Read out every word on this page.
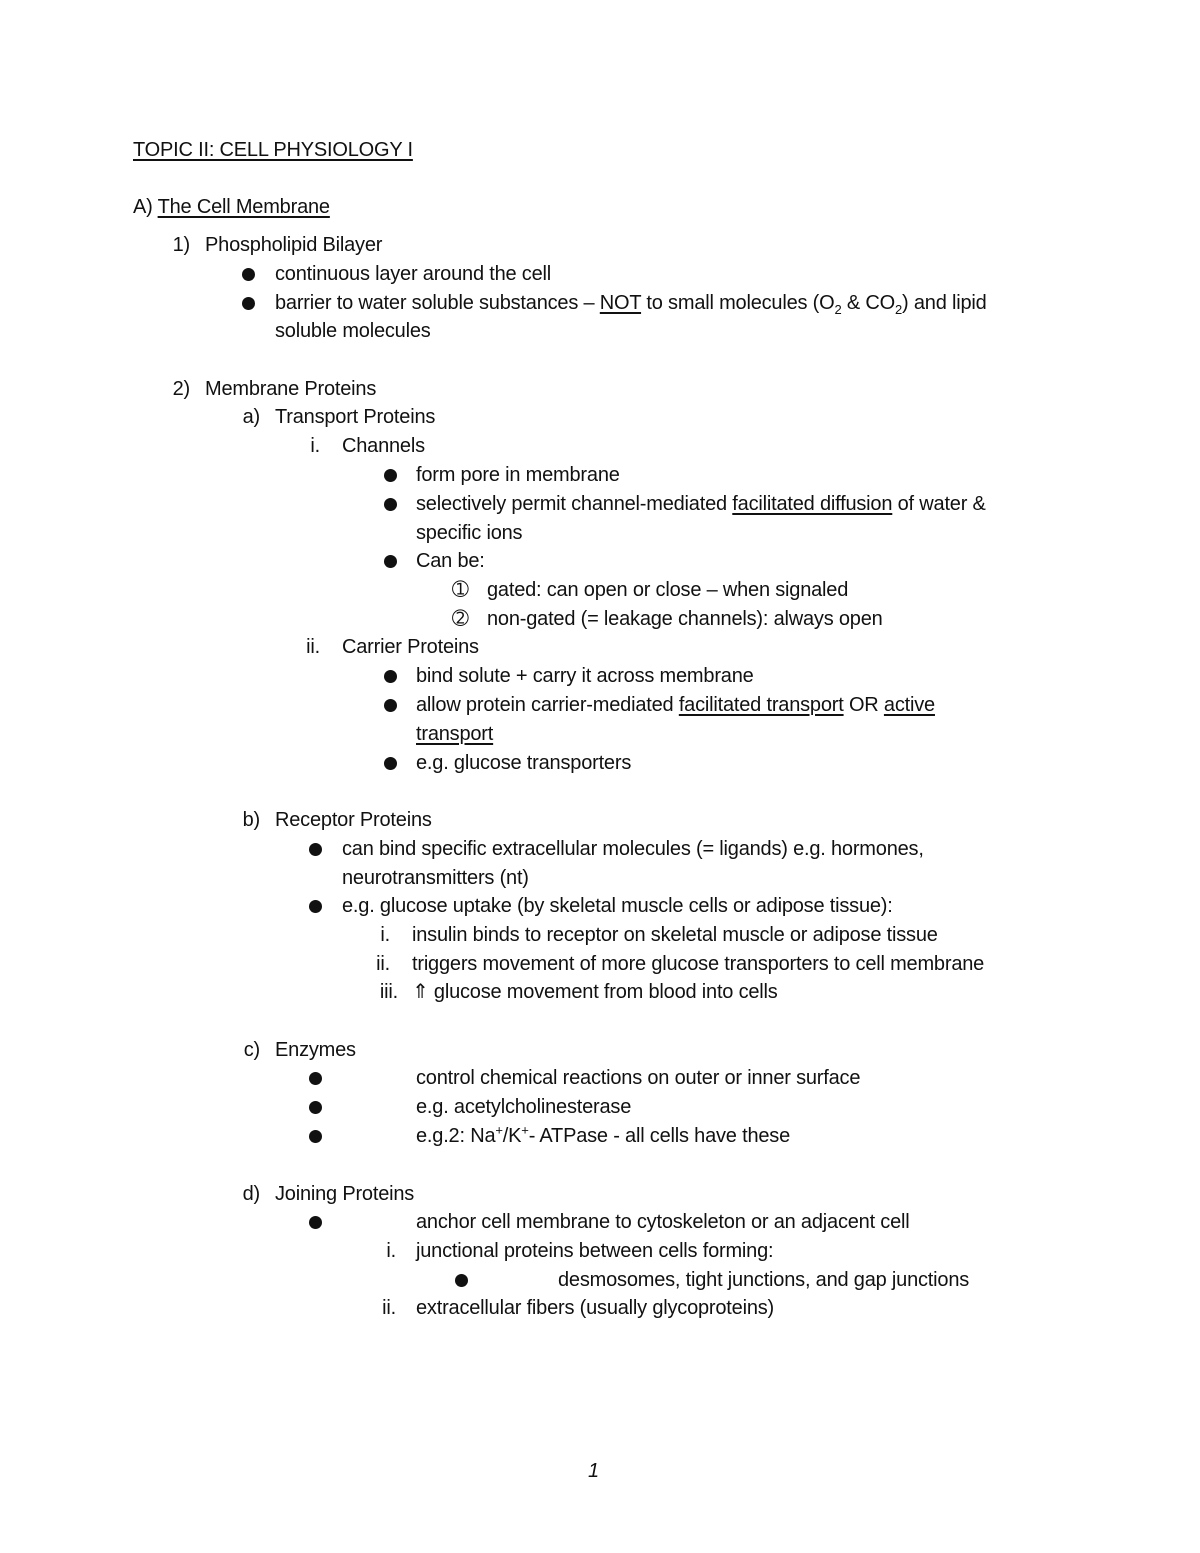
TOPIC II: CELL PHYSIOLOGY I
A) The Cell Membrane
1) Phospholipid Bilayer
continuous layer around the cell
barrier to water soluble substances – NOT to small molecules ($O_2$ & $CO_2$) and lipid
soluble molecules
2) Membrane Proteins
a) Transport Proteins
i. Channels
form pore in membrane
selectively permit channel-mediated facilitated diffusion of water &
specific ions
Can be:
➀ gated: can open or close – when signaled
➁ non-gated (= leakage channels): always open
ii. Carrier Proteins
bind solute + carry it across membrane
allow protein carrier-mediated facilitated transport OR active
transport
e.g. glucose transporters
b) Receptor Proteins
can bind specific extracellular molecules (= ligands) e.g. hormones,
neurotransmitters (nt)
e.g. glucose uptake (by skeletal muscle cells or adipose tissue):
i. insulin binds to receptor on skeletal muscle or adipose tissue
ii. triggers movement of more glucose transporters to cell membrane
iii. ⇑ glucose movement from blood into cells
c) Enzymes
control chemical reactions on outer or inner surface
e.g. acetylcholinesterase
e.g.2: Na+/K+- ATPase - all cells have these
d) Joining Proteins
anchor cell membrane to cytoskeleton or an adjacent cell
i. junctional proteins between cells forming:
desmosomes, tight junctions, and gap junctions
ii. extracellular fibers (usually glycoproteins)
1
